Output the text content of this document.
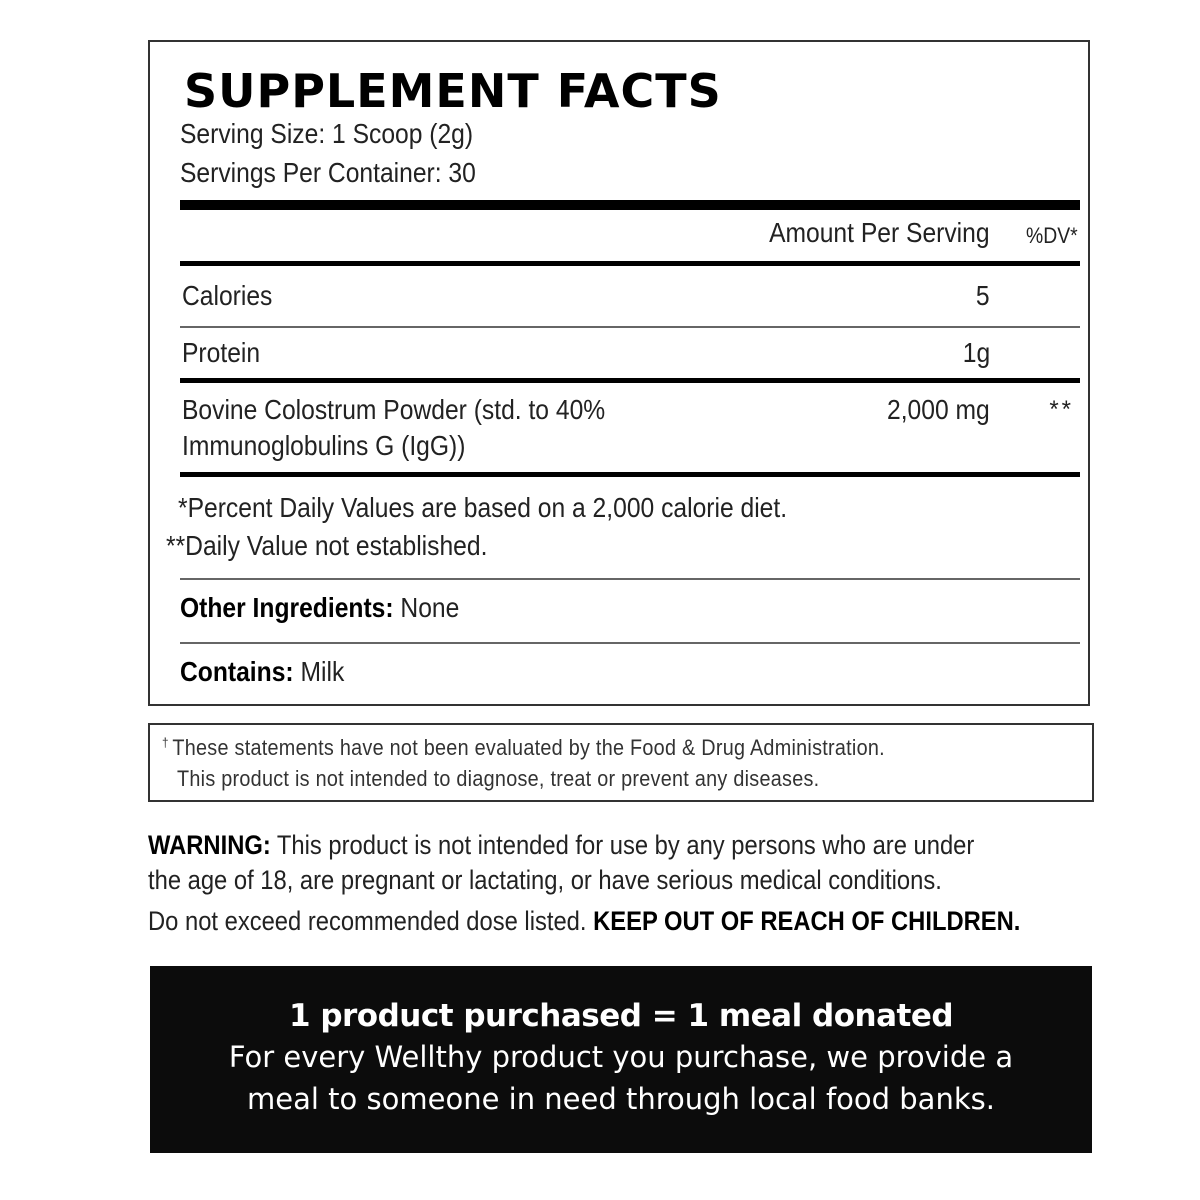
SUPPLEMENT FACTS
Serving Size: 1 Scoop (2g)
Servings Per Container: 30
Amount Per Serving %DV*
Calories	5
Protein	1g
Bovine Colostrum Powder (std. to 40%
Immunoglobulins G (IgG))
2,000 mg **
*Percent Daily Values are based on a 2,000 calorie diet.
**Daily Value not established.
Other Ingredients: None
Contains: Milk
† These statements have not been evaluated by the Food & Drug Administration.
This product is not intended to diagnose, treat or prevent any diseases.
WARNING: This product is not intended for use by any persons who are under
the age of 18, are pregnant or lactating, or have serious medical conditions.
Do not exceed recommended dose listed. KEEP OUT OF REACH OF CHILDREN.
1 product purchased = 1 meal donated
For every Wellthy product you purchase, we provide a
meal to someone in need through local food banks.
